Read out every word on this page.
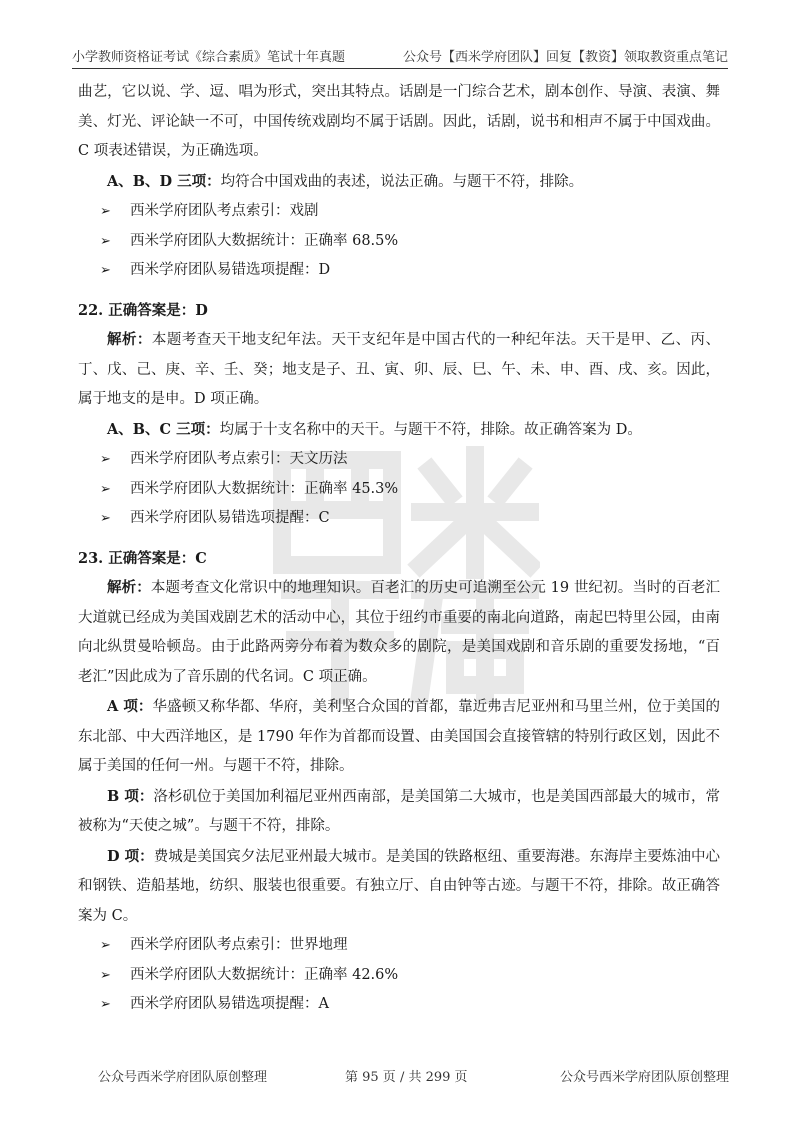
小学教师资格证考试《综合素质》笔试十年真题	公众号【西米学府团队】回复【教资】领取教资重点笔记

曲艺，它以说、学、逗、唱为形式，突出其特点。话剧是一门综合艺术，剧本创作、导演、表演、舞美、灯光、评论缺一不可，中国传统戏剧均不属于话剧。因此，话剧，说书和相声不属于中国戏曲。C 项表述错误，为正确选项。

A、B、D 三项：均符合中国戏曲的表述，说法正确。与题干不符，排除。

➢ 西米学府团队考点索引：戏剧

➢ 西米学府团队大数据统计：正确率 68.5%

➢ 西米学府团队易错选项提醒：D

22. 正确答案是：D

解析：本题考查天干地支纪年法。天干支纪年是中国古代的一种纪年法。天干是甲、乙、丙、丁、戊、己、庚、辛、壬、癸；地支是子、丑、寅、卯、辰、巳、午、未、申、酉、戌、亥。因此，属于地支的是申。D 项正确。

A、B、C 三项：均属于十支名称中的天干。与题干不符，排除。故正确答案为 D。

➢ 西米学府团队考点索引：天文历法

➢ 西米学府团队大数据统计：正确率 45.3%

➢ 西米学府团队易错选项提醒：C

23. 正确答案是：C

解析：本题考查文化常识中的地理知识。百老汇的历史可追溯至公元 19 世纪初。当时的百老汇大道就已经成为美国戏剧艺术的活动中心，其位于纽约市重要的南北向道路，南起巴特里公园，由南向北纵贯曼哈顿岛。由于此路两旁分布着为数众多的剧院，是美国戏剧和音乐剧的重要发扬地，“百老汇”因此成为了音乐剧的代名词。C 项正确。

A 项：华盛顿又称华都、华府，美利坚合众国的首都，靠近弗吉尼亚州和马里兰州，位于美国的东北部、中大西洋地区，是 1790 年作为首都而设置、由美国国会直接管辖的特别行政区划，因此不属于美国的任何一州。与题干不符，排除。

B 项：洛杉矶位于美国加利福尼亚州西南部，是美国第二大城市，也是美国西部最大的城市，常被称为“天使之城”。与题干不符，排除。

D 项：费城是美国宾夕法尼亚州最大城市。是美国的铁路枢纽、重要海港。东海岸主要炼油中心和钢铁、造船基地，纺织、服装也很重要。有独立厅、自由钟等古迹。与题干不符，排除。故正确答案为 C。

➢ 西米学府团队考点索引：世界地理

➢ 西米学府团队大数据统计：正确率 42.6%

➢ 西米学府团队易错选项提醒：A

公众号西米学府团队原创整理	第 95 页 / 共 299 页	公众号西米学府团队原创整理
